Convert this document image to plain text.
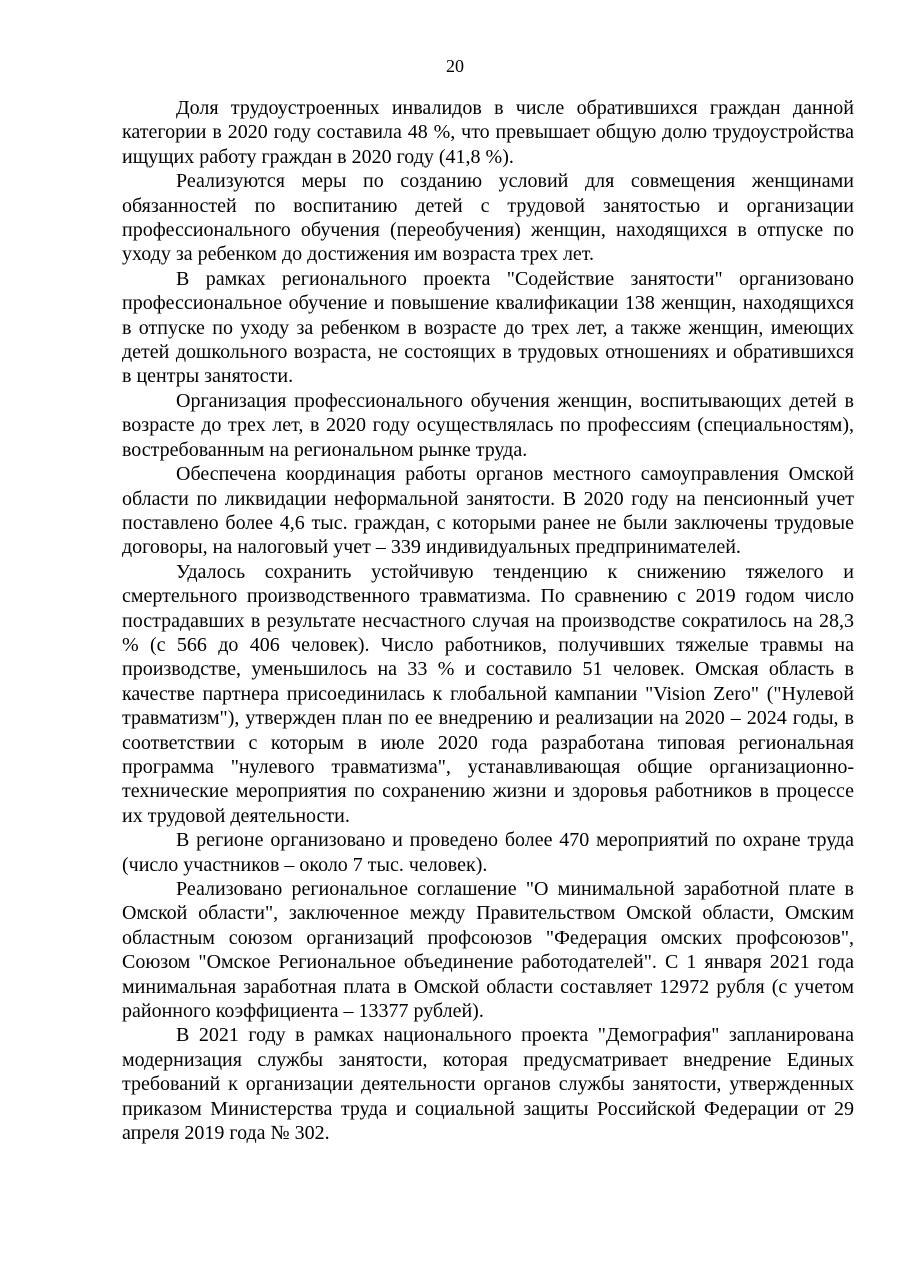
20

Доля трудоустроенных инвалидов в числе обратившихся граждан данной категории в 2020 году составила 48 %, что превышает общую долю трудоустройства ищущих работу граждан в 2020 году (41,8 %).

Реализуются меры по созданию условий для совмещения женщинами обязанностей по воспитанию детей с трудовой занятостью и организации профессионального обучения (переобучения) женщин, находящихся в отпуске по уходу за ребенком до достижения им возраста трех лет.

В рамках регионального проекта "Содействие занятости" организовано профессиональное обучение и повышение квалификации 138 женщин, находящихся в отпуске по уходу за ребенком в возрасте до трех лет, а также женщин, имеющих детей дошкольного возраста, не состоящих в трудовых отношениях и обратившихся в центры занятости.

Организация профессионального обучения женщин, воспитывающих детей в возрасте до трех лет, в 2020 году осуществлялась по профессиям (специальностям), востребованным на региональном рынке труда.

Обеспечена координация работы органов местного самоуправления Омской области по ликвидации неформальной занятости. В 2020 году на пенсионный учет поставлено более 4,6 тыс. граждан, с которыми ранее не были заключены трудовые договоры, на налоговый учет – 339 индивидуальных предпринимателей.

Удалось сохранить устойчивую тенденцию к снижению тяжелого и смертельного производственного травматизма. По сравнению с 2019 годом число пострадавших в результате несчастного случая на производстве сократилось на 28,3 % (с 566 до 406 человек). Число работников, получивших тяжелые травмы на производстве, уменьшилось на 33 % и составило 51 человек. Омская область в качестве партнера присоединилась к глобальной кампании "Vision Zero" ("Нулевой травматизм"), утвержден план по ее внедрению и реализации на 2020 – 2024 годы, в соответствии с которым в июле 2020 года разработана типовая региональная программа "нулевого травматизма", устанавливающая общие организационно-технические мероприятия по сохранению жизни и здоровья работников в процессе их трудовой деятельности.

В регионе организовано и проведено более 470 мероприятий по охране труда (число участников – около 7 тыс. человек).

Реализовано региональное соглашение "О минимальной заработной плате в Омской области", заключенное между Правительством Омской области, Омским областным союзом организаций профсоюзов "Федерация омских профсоюзов", Союзом "Омское Региональное объединение работодателей". С 1 января 2021 года минимальная заработная плата в Омской области составляет 12972 рубля (с учетом районного коэффициента – 13377 рублей).

В 2021 году в рамках национального проекта "Демография" запланирована модернизация службы занятости, которая предусматривает внедрение Единых требований к организации деятельности органов службы занятости, утвержденных приказом Министерства труда и социальной защиты Российской Федерации от 29 апреля 2019 года № 302.
